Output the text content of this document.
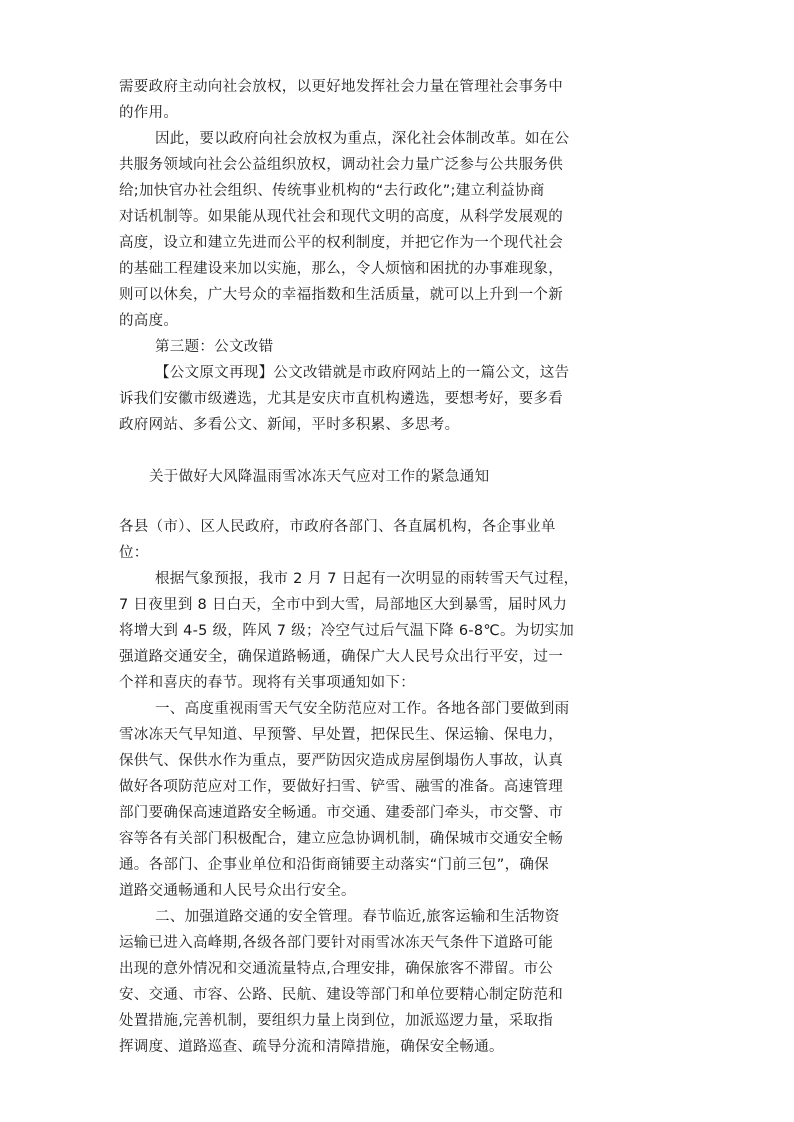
需要政府主动向社会放权，以更好地发挥社会力量在管理社会事务中
的作用。
因此，要以政府向社会放权为重点，深化社会体制改革。如在公
共服务领域向社会公益组织放权，调动社会力量广泛参与公共服务供
给;加快官办社会组织、传统事业机构的“去行政化”;建立利益协商
对话机制等。如果能从现代社会和现代文明的高度，从科学发展观的
高度，设立和建立先进而公平的权利制度，并把它作为一个现代社会
的基础工程建设来加以实施，那么，令人烦恼和困扰的办事难现象，
则可以休矣，广大号众的幸福指数和生活质量，就可以上升到一个新
的高度。
第三题：公文改错
【公文原文再现】公文改错就是市政府网站上的一篇公文，这告
诉我们安徽市级遴选，尤其是安庆市直机构遴选，要想考好，要多看
政府网站、多看公文、新闻，平时多积累、多思考。
关于做好大风降温雨雪冰冻天气应对工作的紧急通知
各县（市）、区人民政府，市政府各部门、各直属机构，各企事业单
位：
根据气象预报，我市 2 月 7 日起有一次明显的雨转雪天气过程，
7 日夜里到 8 日白天，全市中到大雪，局部地区大到暴雪，届时风力
将增大到 4-5 级，阵风 7 级；冷空气过后气温下降 6-8℃。为切实加
强道路交通安全，确保道路畅通，确保广大人民号众出行平安，过一
个祥和喜庆的春节。现将有关事项通知如下：
一、高度重视雨雪天气安全防范应对工作。各地各部门要做到雨
雪冰冻天气早知道、早预警、早处置，把保民生、保运输、保电力，
保供气、保供水作为重点，要严防因灾造成房屋倒塌伤人事故，认真
做好各项防范应对工作，要做好扫雪、铲雪、融雪的准备。高速管理
部门要确保高速道路安全畅通。市交通、建委部门牵头，市交警、市
容等各有关部门积极配合，建立应急协调机制，确保城市交通安全畅
通。各部门、企事业单位和沿街商铺要主动落实“门前三包”，确保
道路交通畅通和人民号众出行安全。
二、加强道路交通的安全管理。春节临近,旅客运输和生活物资
运输已进入高峰期,各级各部门要针对雨雪冰冻天气条件下道路可能
出现的意外情况和交通流量特点,合理安排，确保旅客不滞留。市公
安、交通、市容、公路、民航、建设等部门和单位要精心制定防范和
处置措施,完善机制，要组织力量上岗到位，加派巡逻力量，采取指
挥调度、道路巡查、疏导分流和清障措施，确保安全畅通。
